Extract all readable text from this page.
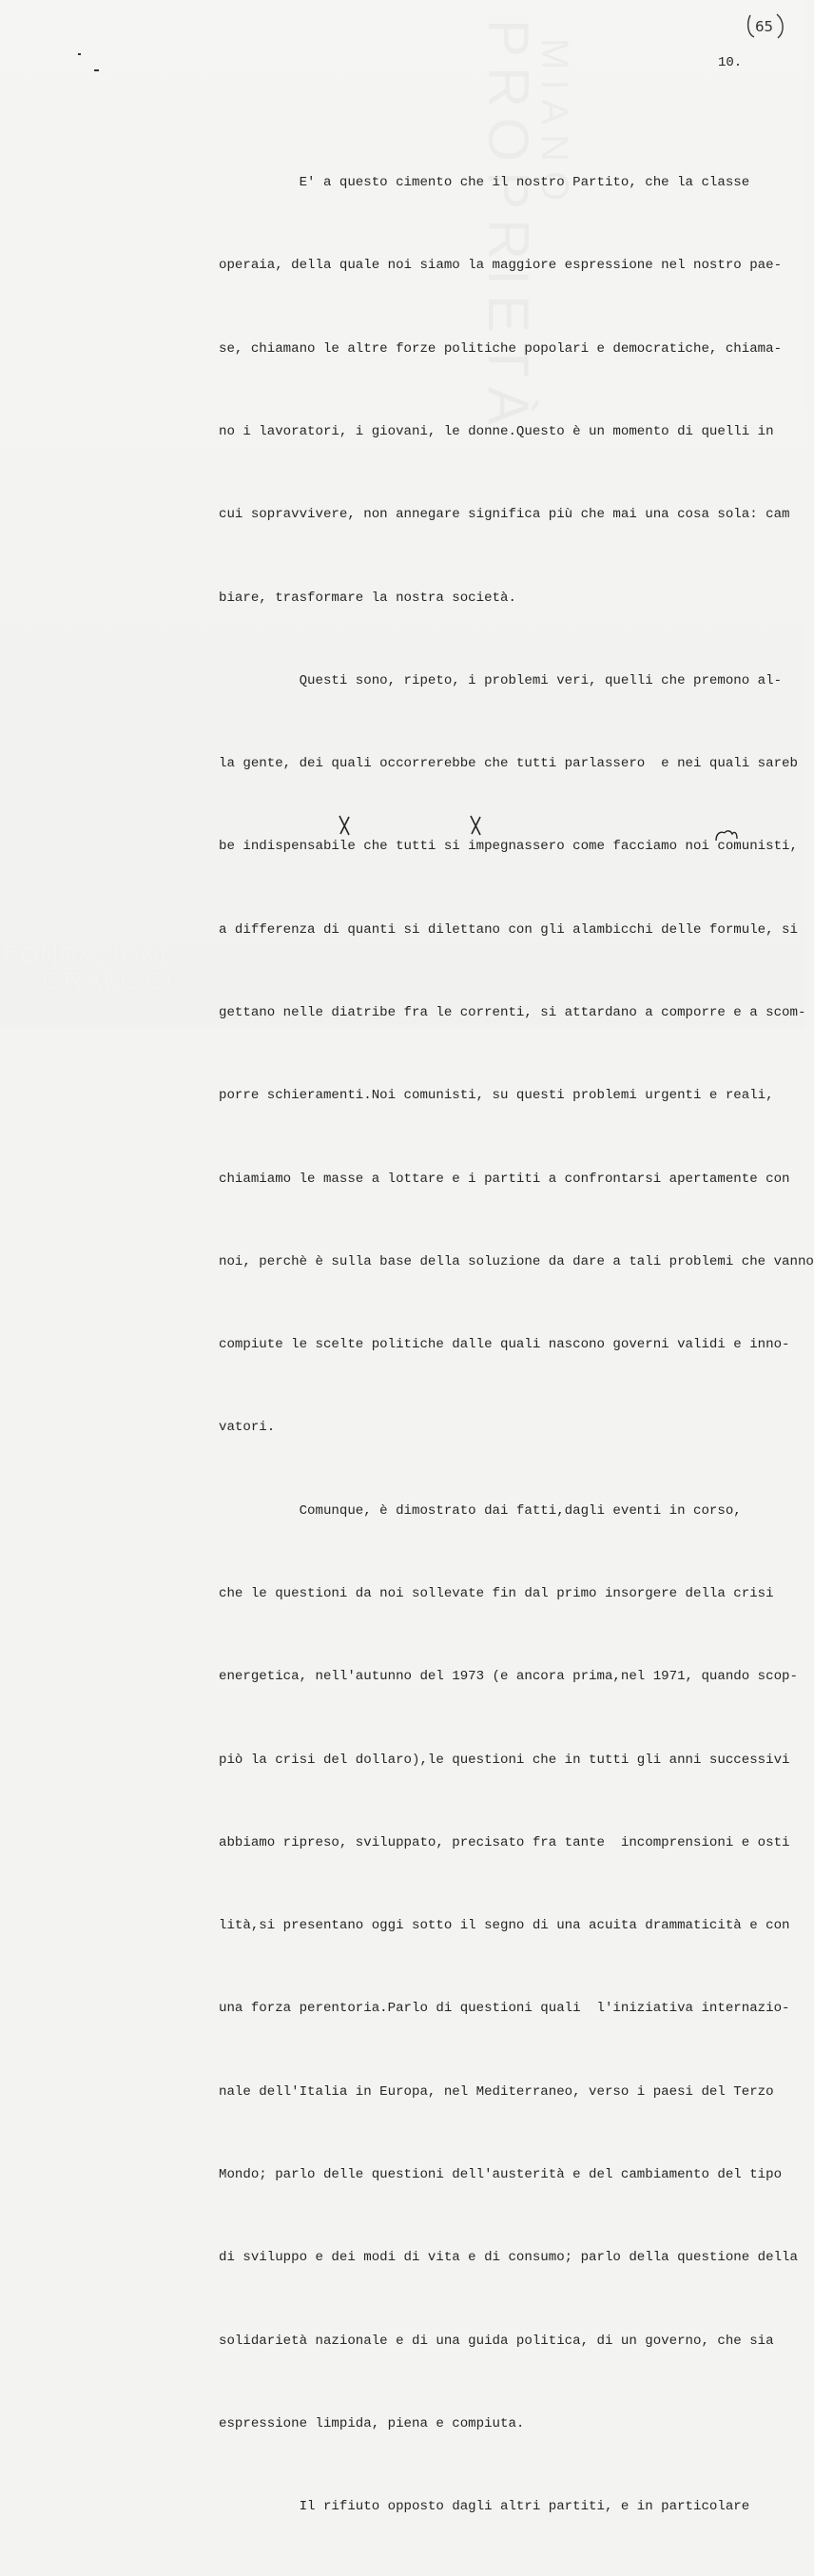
FONDAZIONE
GRAMSCI
65
10.

E' a questo cimento che il nostro Partito, che la classe

operaia, della quale noi siamo la maggiore espressione nel nostro pae-

se, chiamano le altre forze politiche popolari e democratiche, chiama-

no i lavoratori, i giovani, le donne.Questo è un momento di quelli in

cui sopravvivere, non annegare significa più che mai una cosa sola: cam

biare, trasformare la nostra società.

Questi sono, ripeto, i problemi veri, quelli che premono al-

la gente, dei quali occorrerebbe che tutti parlassero  e nei quali sareb

be indispensabile che tutti si impegnassero come facciamo noi comunisti,

a differenza di quanti si dilettano con gli alambicchi delle formule, si

gettano nelle diatribe fra le correnti, si attardano a comporre e a scom-

porre schieramenti.Noi comunisti, su questi problemi urgenti e reali,

chiamiamo le masse a lottare e i partiti a confrontarsi apertamente con

noi, perchè è sulla base della soluzione da dare a tali problemi che vanno

compiute le scelte politiche dalle quali nascono governi validi e inno-

vatori.

Comunque, è dimostrato dai fatti,dagli eventi in corso,

che le questioni da noi sollevate fin dal primo insorgere della crisi

energetica, nell'autunno del 1973 (e ancora prima,nel 1971, quando scop-

piò la crisi del dollaro),le questioni che in tutti gli anni successivi

abbiamo ripreso, sviluppato, precisato fra tante  incomprensioni e osti

lità,si presentano oggi sotto il segno di una acuita drammaticità e con

una forza perentoria.Parlo di questioni quali  l'iniziativa internazio-

nale dell'Italia in Europa, nel Mediterraneo, verso i paesi del Terzo

Mondo; parlo delle questioni dell'austerità e del cambiamento del tipo

di sviluppo e dei modi di vita e di consumo; parlo della questione della

solidarietà nazionale e di una guida politica, di un governo, che sia

espressione limpida, piena e compiuta.

Il rifiuto opposto dagli altri partiti, e in particolare
